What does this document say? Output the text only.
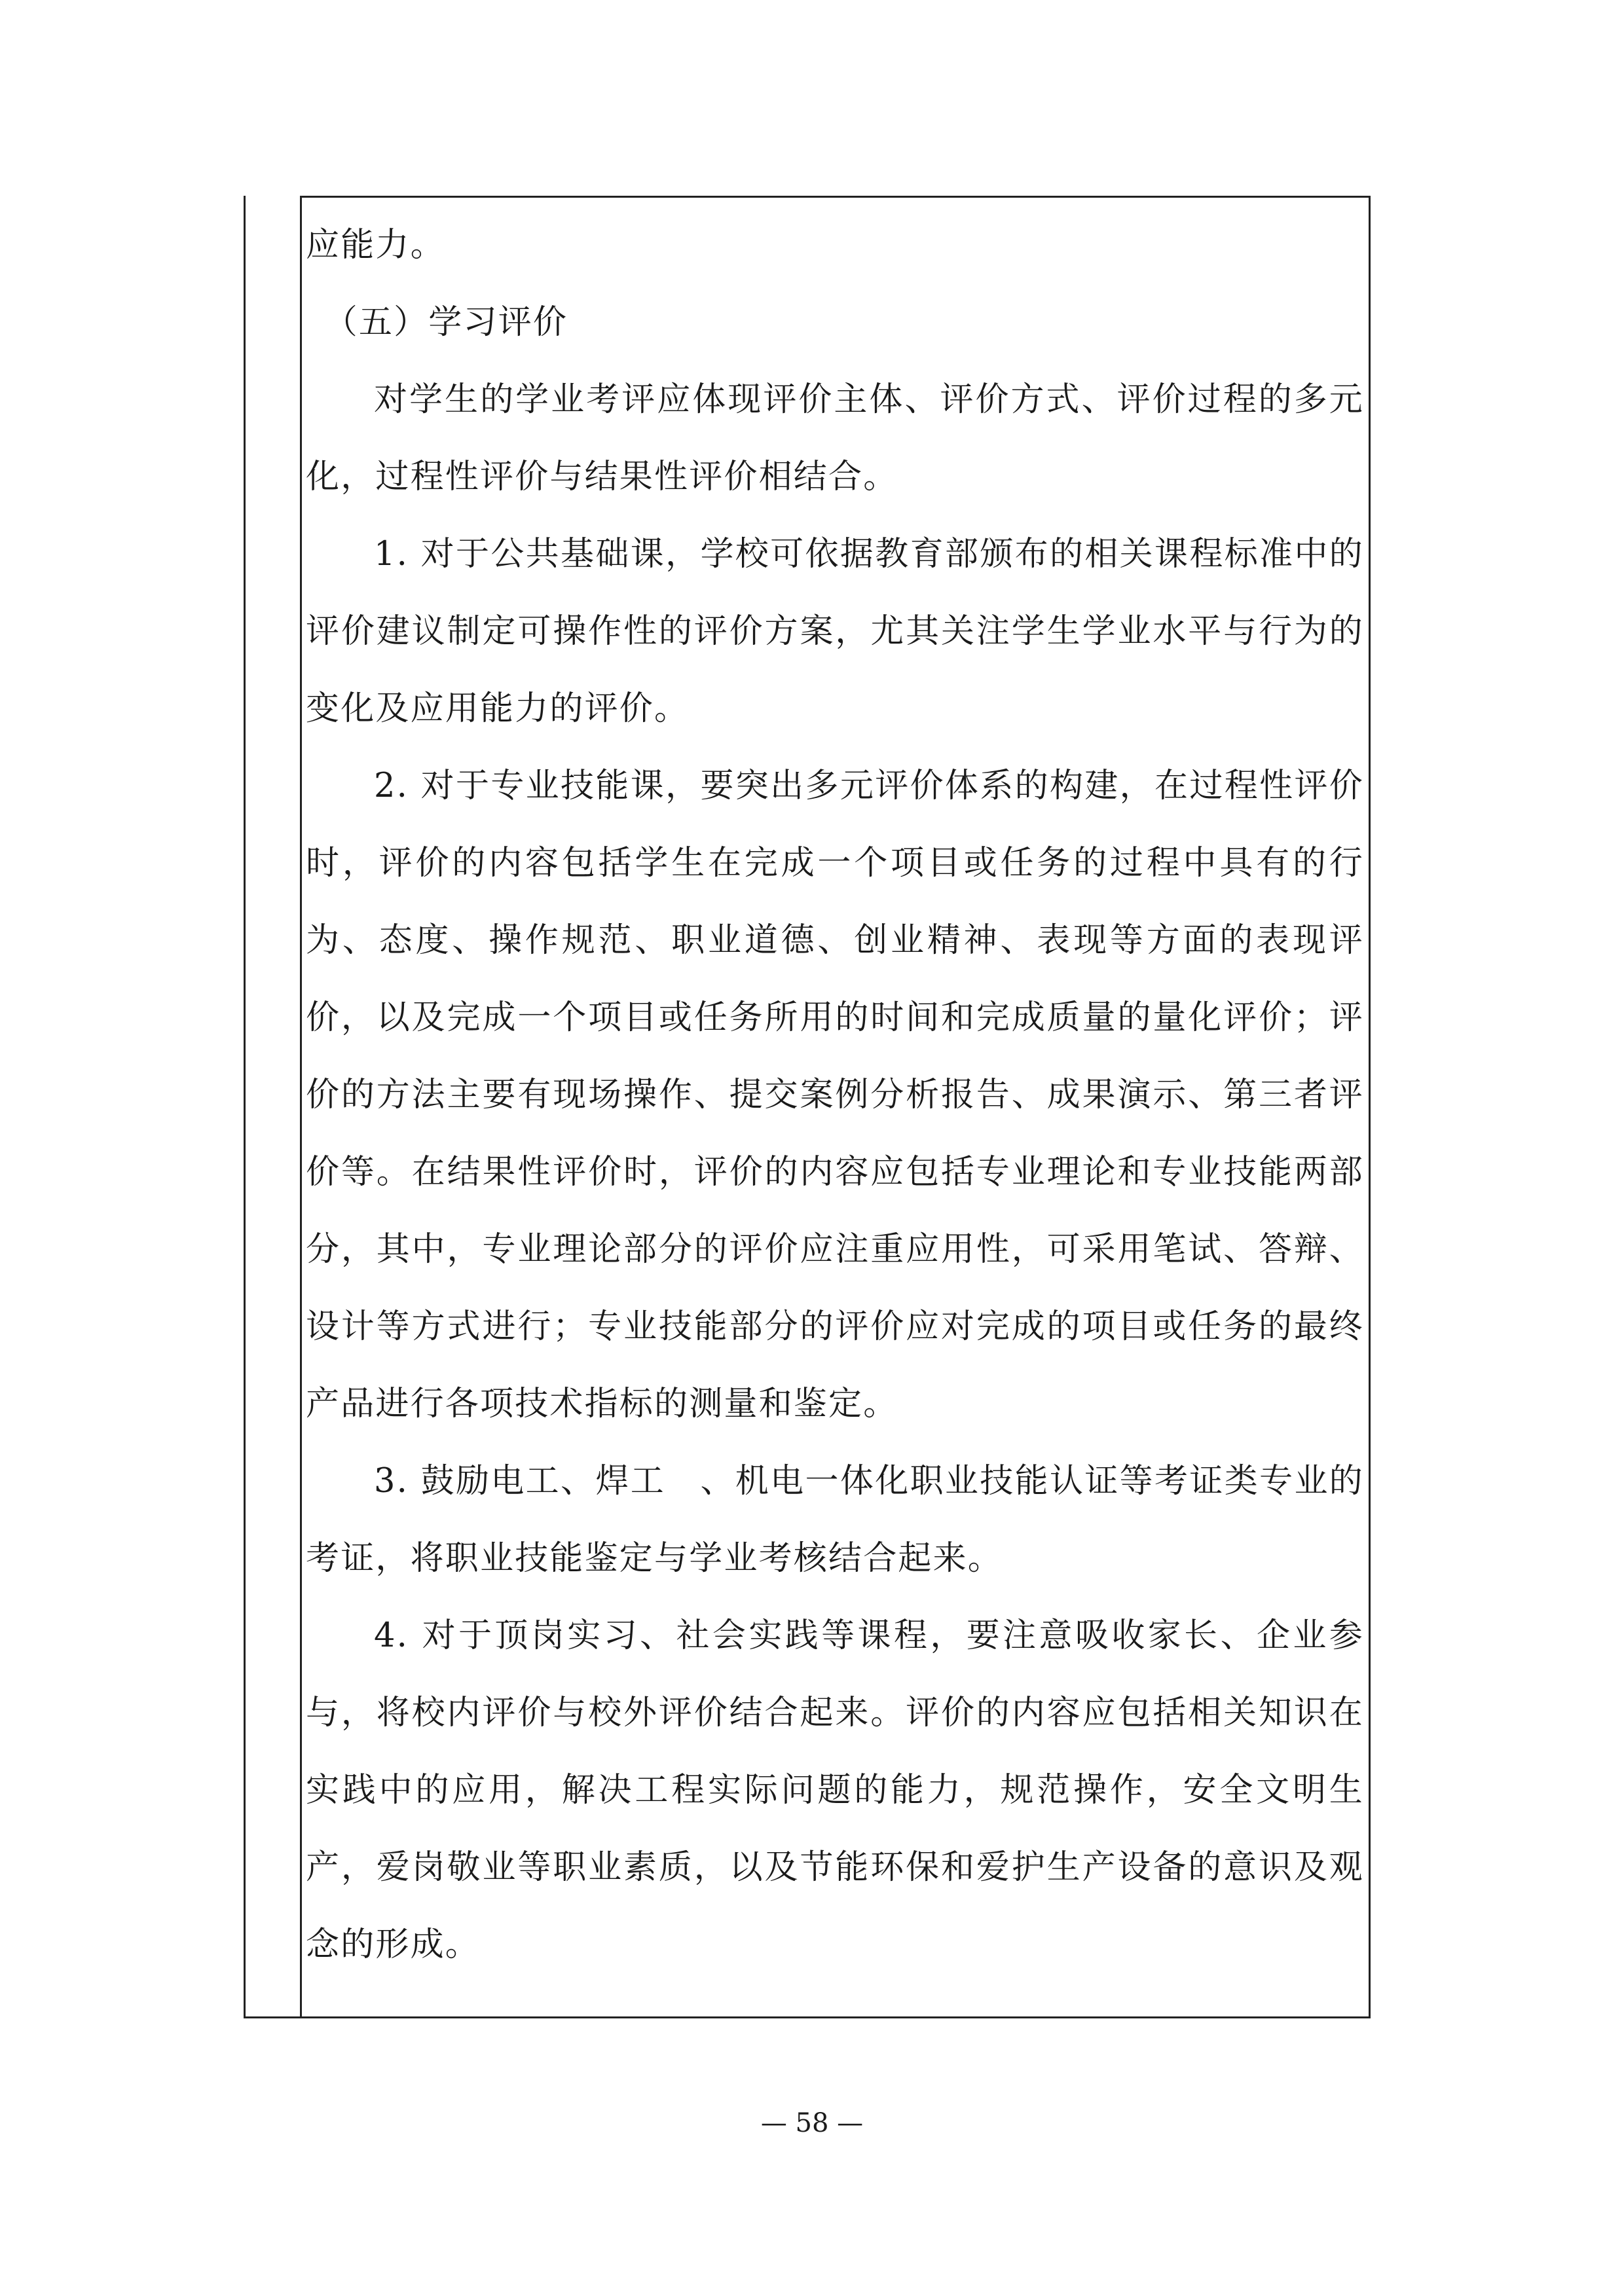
应能力。

　（五）学习评价

对学生的学业考评应体现评价主体、评价方式、评价过程的多元化，过程性评价与结果性评价相结合。

1. 对于公共基础课，学校可依据教育部颁布的相关课程标准中的评价建议制定可操作性的评价方案，尤其关注学生学业水平与行为的变化及应用能力的评价。

2. 对于专业技能课，要突出多元评价体系的构建，在过程性评价时，评价的内容包括学生在完成一个项目或任务的过程中具有的行为、态度、操作规范、职业道德、创业精神、表现等方面的表现评价，以及完成一个项目或任务所用的时间和完成质量的量化评价；评价的方法主要有现场操作、提交案例分析报告、成果演示、第三者评价等。在结果性评价时，评价的内容应包括专业理论和专业技能两部分，其中，专业理论部分的评价应注重应用性，可采用笔试、答辩、设计等方式进行；专业技能部分的评价应对完成的项目或任务的最终产品进行各项技术指标的测量和鉴定。

3. 鼓励电工、焊工　、机电一体化职业技能认证等考证类专业的考证，将职业技能鉴定与学业考核结合起来。

4. 对于顶岗实习、社会实践等课程，要注意吸收家长、企业参与，将校内评价与校外评价结合起来。评价的内容应包括相关知识在实践中的应用，解决工程实际问题的能力，规范操作，安全文明生产，爱岗敬业等职业素质，以及节能环保和爱护生产设备的意识及观念的形成。

— 58 —
